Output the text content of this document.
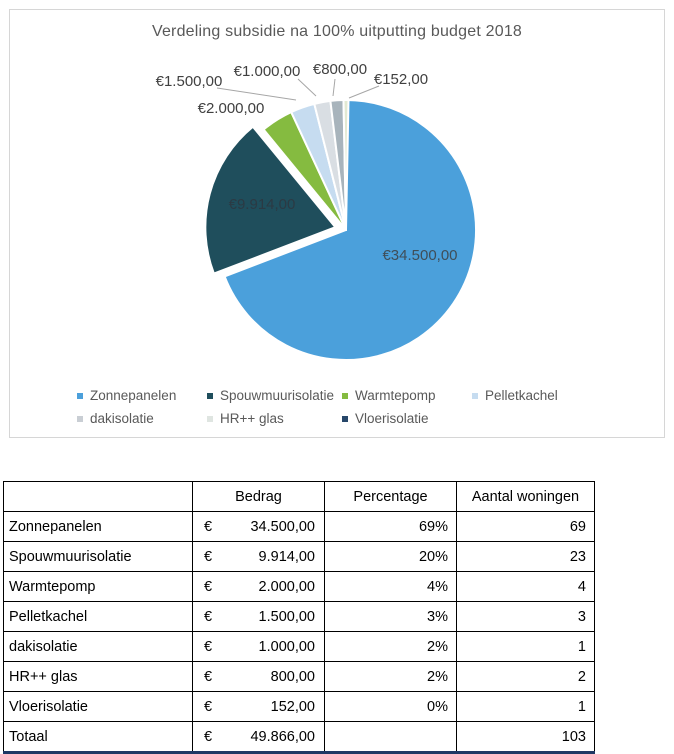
Verdeling subsidie na 100% uitputting budget 2018
€34.500,00
€9.914,00
€2.000,00
€1.500,00
€1.000,00 €800,00
€152,00
Zonnepanelen	Spouwmuurisolatie Warmtepomp	Pelletkachel
dakisolatie	HR++ glas	Vloerisolatie
	Bedrag	Percentage	Aantal woningen
Zonnepanelen	€ 34.500,00	69%	69
Spouwmuurisolatie	€ 9.914,00	20%	23
Warmtepomp	€ 2.000,00	4%	4
Pelletkachel	€ 1.500,00	3%	3
dakisolatie	€ 1.000,00	2%	1
HR++ glas	€ 800,00	2%	2
Vloerisolatie	€ 152,00	0%	1
Totaal	€ 49.866,00		103
